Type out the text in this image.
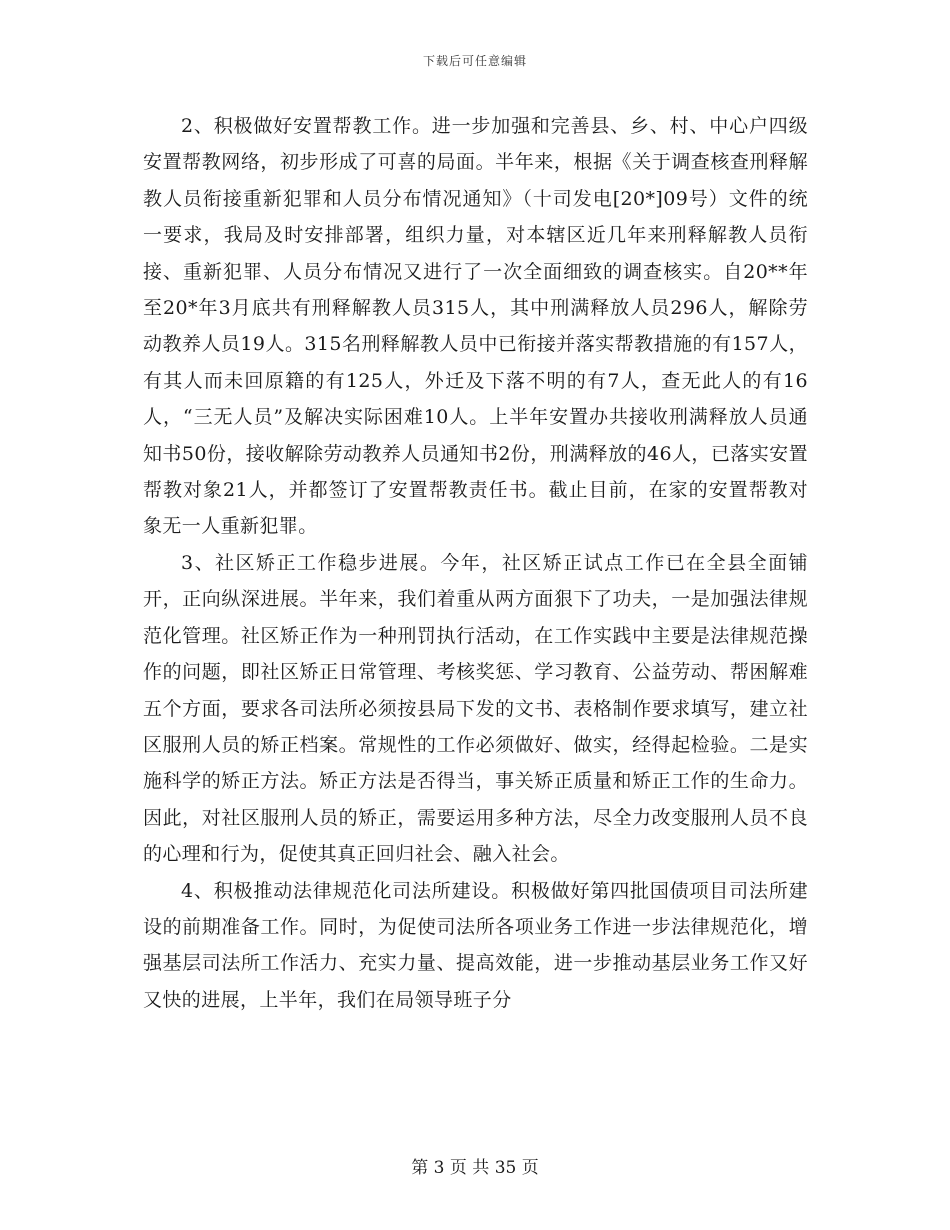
下载后可任意编辑

2、积极做好安置帮教工作。进一步加强和完善县、乡、村、中心户四级安置帮教网络，初步形成了可喜的局面。半年来，根据《关于调查核查刑释解教人员衔接重新犯罪和人员分布情况通知》（十司发电[20*]09号）文件的统一要求，我局及时安排部署，组织力量，对本辖区近几年来刑释解教人员衔接、重新犯罪、人员分布情况又进行了一次全面细致的调查核实。自20**年至20*年3月底共有刑释解教人员315人，其中刑满释放人员296人，解除劳动教养人员19人。315名刑释解教人员中已衔接并落实帮教措施的有157人，有其人而未回原籍的有125人，外迁及下落不明的有7人，查无此人的有16人，“三无人员”及解决实际困难10人。上半年安置办共接收刑满释放人员通知书50份，接收解除劳动教养人员通知书2份，刑满释放的46人，已落实安置帮教对象21人，并都签订了安置帮教责任书。截止目前，在家的安置帮教对象无一人重新犯罪。

3、社区矫正工作稳步进展。今年，社区矫正试点工作已在全县全面铺开，正向纵深进展。半年来，我们着重从两方面狠下了功夫，一是加强法律规范化管理。社区矫正作为一种刑罚执行活动，在工作实践中主要是法律规范操作的问题，即社区矫正日常管理、考核奖惩、学习教育、公益劳动、帮困解难五个方面，要求各司法所必须按县局下发的文书、表格制作要求填写，建立社区服刑人员的矫正档案。常规性的工作必须做好、做实，经得起检验。二是实施科学的矫正方法。矫正方法是否得当，事关矫正质量和矫正工作的生命力。因此，对社区服刑人员的矫正，需要运用多种方法，尽全力改变服刑人员不良的心理和行为，促使其真正回归社会、融入社会。

4、积极推动法律规范化司法所建设。积极做好第四批国债项目司法所建设的前期准备工作。同时，为促使司法所各项业务工作进一步法律规范化，增强基层司法所工作活力、充实力量、提高效能，进一步推动基层业务工作又好又快的进展，上半年，我们在局领导班子分

第 3 页 共 35 页
